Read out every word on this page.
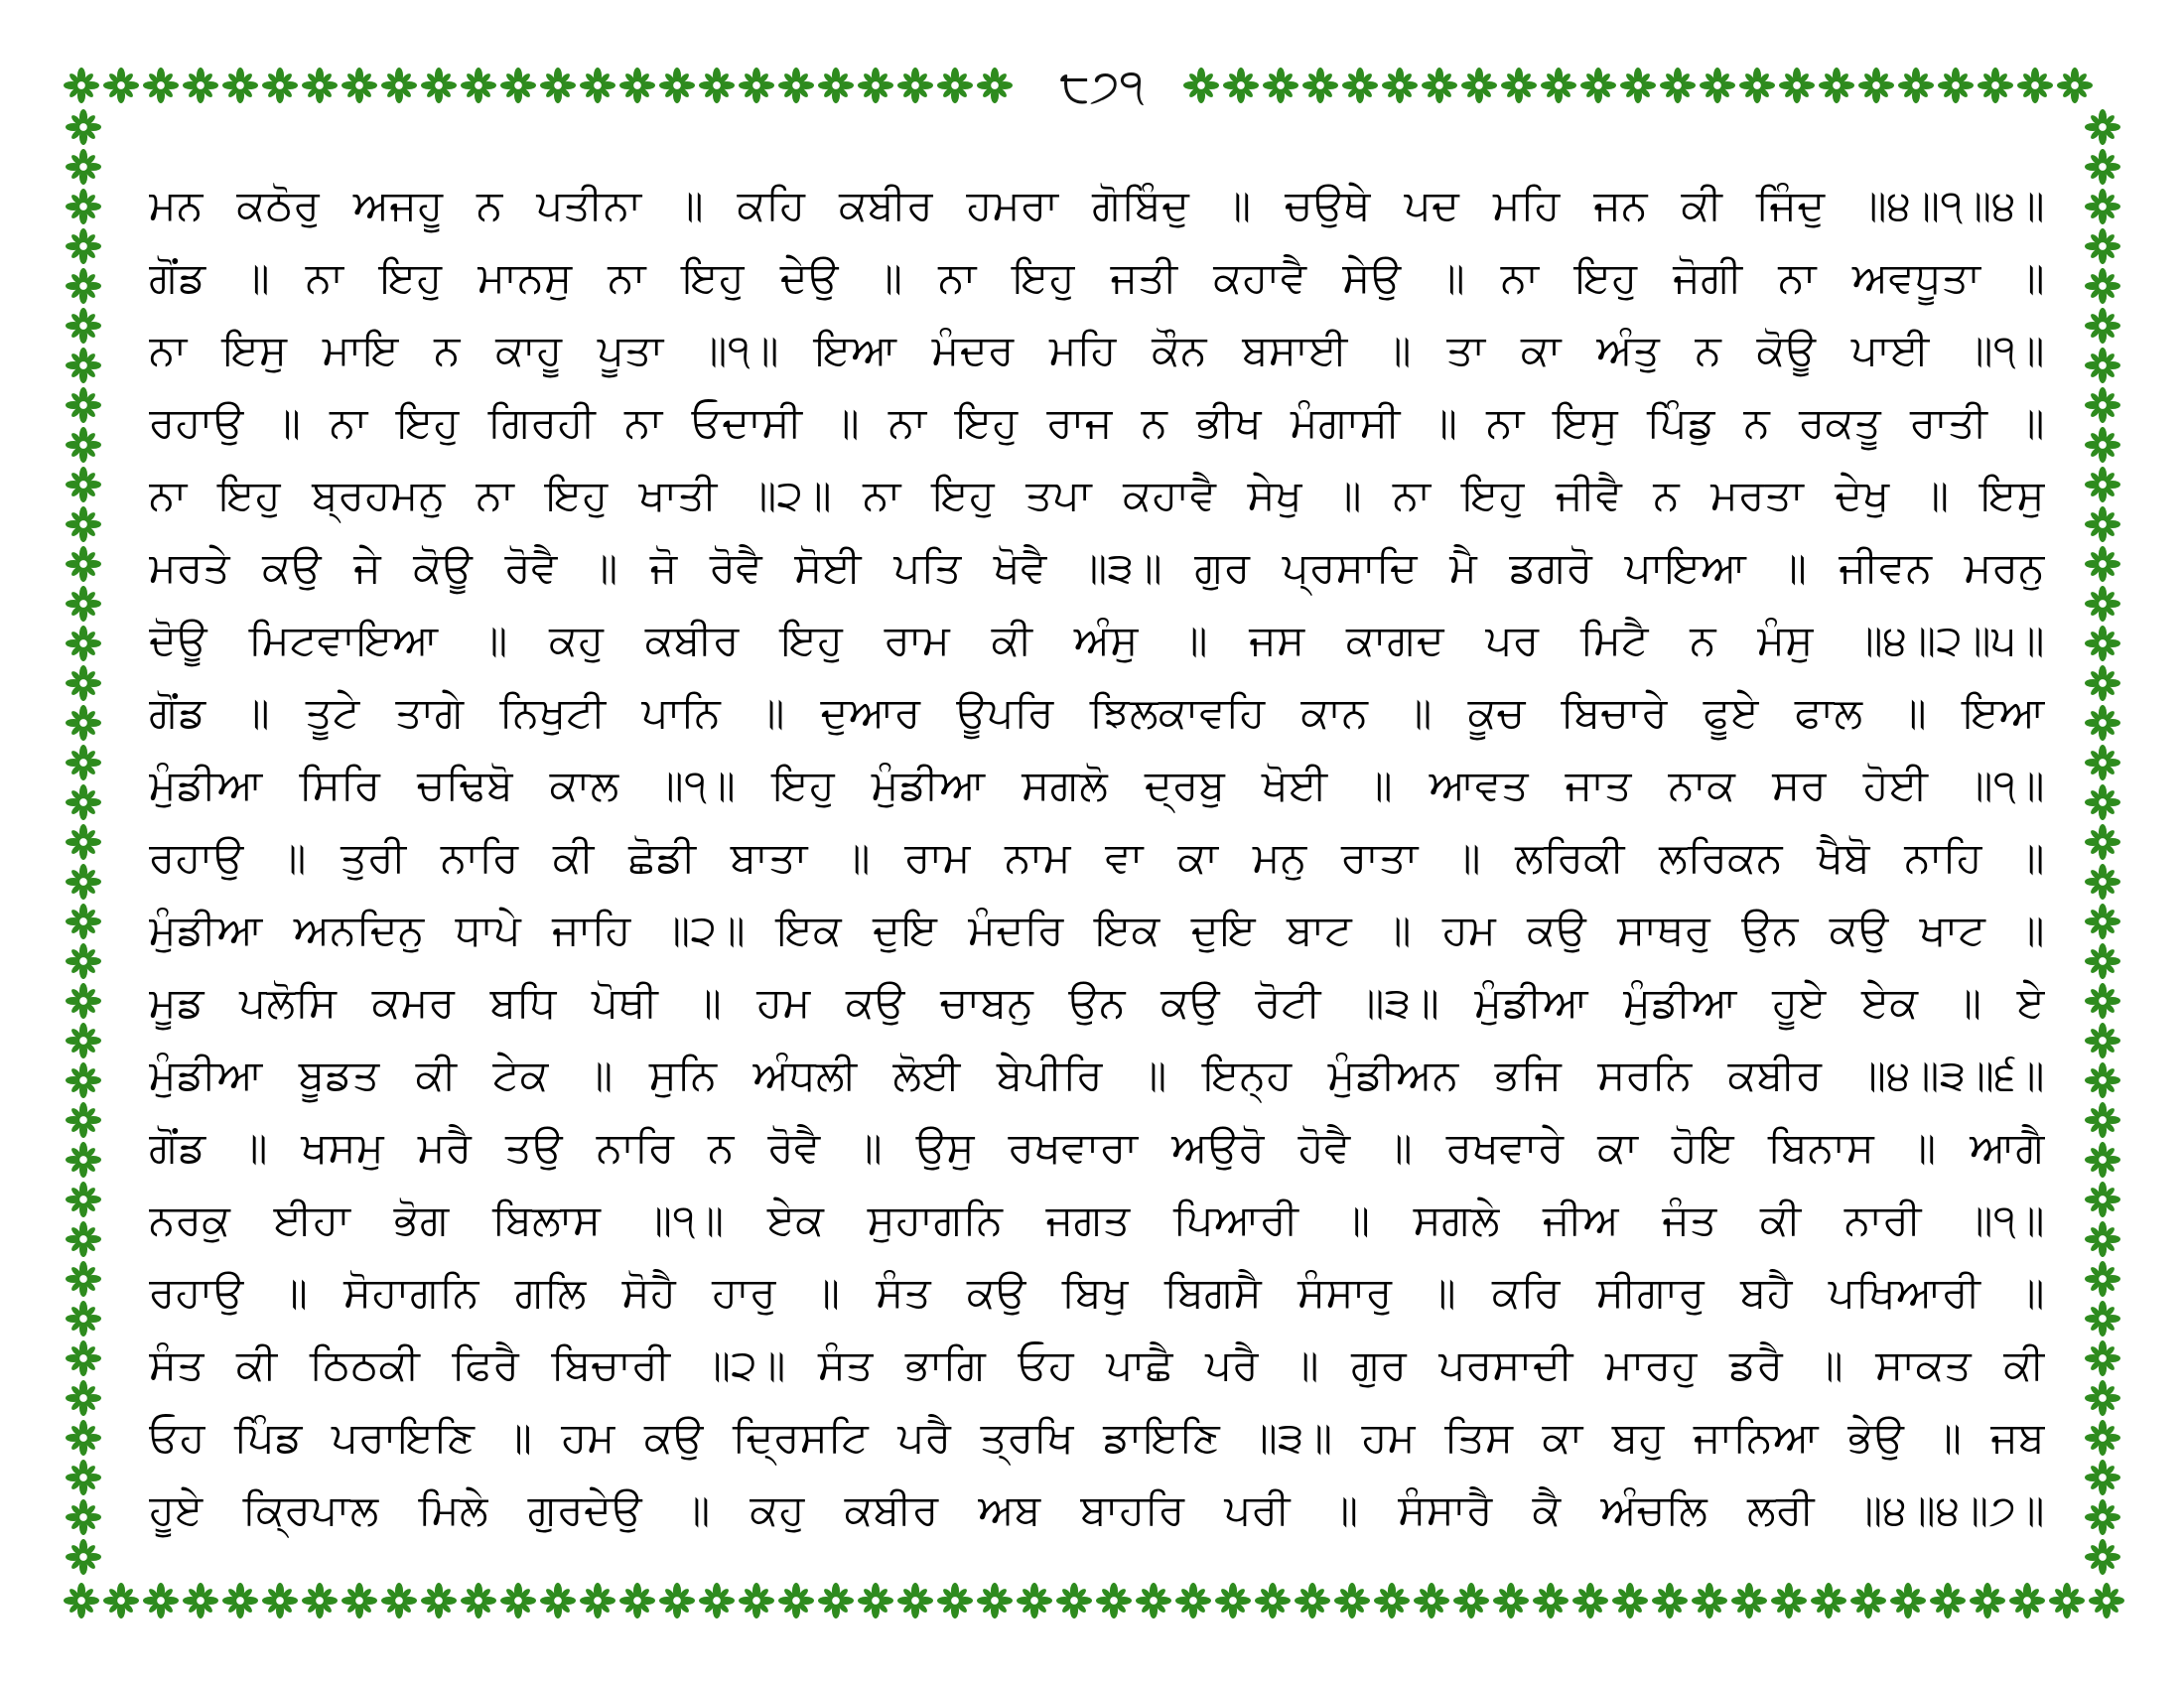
੮੭੧
ਮਨ ਕਠੋਰੁ ਅਜਹੂ ਨ ਪਤੀਨਾ ॥ ਕਹਿ ਕਬੀਰ ਹਮਰਾ ਗੋਬਿੰਦੁ ॥ ਚਉਥੇ ਪਦ ਮਹਿ ਜਨ ਕੀ ਜਿੰਦੁ ॥੪॥੧॥੪॥
ਗੋਂਡ ॥ ਨਾ ਇਹੁ ਮਾਨਸੁ ਨਾ ਇਹੁ ਦੇਉ ॥ ਨਾ ਇਹੁ ਜਤੀ ਕਹਾਵੈ ਸੇਉ ॥ ਨਾ ਇਹੁ ਜੋਗੀ ਨਾ ਅਵਧੂਤਾ ॥
ਨਾ ਇਸੁ ਮਾਇ ਨ ਕਾਹੂ ਪੂਤਾ ॥੧॥ ਇਆ ਮੰਦਰ ਮਹਿ ਕੌਨ ਬਸਾਈ ॥ ਤਾ ਕਾ ਅੰਤੁ ਨ ਕੋਊ ਪਾਈ ॥੧॥
ਰਹਾਉ ॥ ਨਾ ਇਹੁ ਗਿਰਹੀ ਨਾ ਓਦਾਸੀ ॥ ਨਾ ਇਹੁ ਰਾਜ ਨ ਭੀਖ ਮੰਗਾਸੀ ॥ ਨਾ ਇਸੁ ਪਿੰਡੁ ਨ ਰਕਤੂ ਰਾਤੀ ॥
ਨਾ ਇਹੁ ਬ੍ਰਹਮਨੁ ਨਾ ਇਹੁ ਖਾਤੀ ॥੨॥ ਨਾ ਇਹੁ ਤਪਾ ਕਹਾਵੈ ਸੇਖੁ ॥ ਨਾ ਇਹੁ ਜੀਵੈ ਨ ਮਰਤਾ ਦੇਖੁ ॥ ਇਸੁ
ਮਰਤੇ ਕਉ ਜੇ ਕੋਊ ਰੋਵੈ ॥ ਜੋ ਰੋਵੈ ਸੋਈ ਪਤਿ ਖੋਵੈ ॥੩॥ ਗੁਰ ਪ੍ਰਸਾਦਿ ਮੈ ਡਗਰੋ ਪਾਇਆ ॥ ਜੀਵਨ ਮਰਨੁ
ਦੋਊ ਮਿਟਵਾਇਆ ॥ ਕਹੁ ਕਬੀਰ ਇਹੁ ਰਾਮ ਕੀ ਅੰਸੁ ॥ ਜਸ ਕਾਗਦ ਪਰ ਮਿਟੈ ਨ ਮੰਸੁ ॥੪॥੨॥੫॥
ਗੋਂਡ ॥ ਤੂਟੇ ਤਾਗੇ ਨਿਖੁਟੀ ਪਾਨਿ ॥ ਦੁਆਰ ਊਪਰਿ ਝਿਲਕਾਵਹਿ ਕਾਨ ॥ ਕੂਚ ਬਿਚਾਰੇ ਫੂਏ ਫਾਲ ॥ ਇਆ
ਮੁੰਡੀਆ ਸਿਰਿ ਚਢਿਬੋ ਕਾਲ ॥੧॥ ਇਹੁ ਮੁੰਡੀਆ ਸਗਲੋ ਦ੍ਰਬੁ ਖੋਈ ॥ ਆਵਤ ਜਾਤ ਨਾਕ ਸਰ ਹੋਈ ॥੧॥
ਰਹਾਉ ॥ ਤੁਰੀ ਨਾਰਿ ਕੀ ਛੋਡੀ ਬਾਤਾ ॥ ਰਾਮ ਨਾਮ ਵਾ ਕਾ ਮਨੁ ਰਾਤਾ ॥ ਲਰਿਕੀ ਲਰਿਕਨ ਖੈਬੋ ਨਾਹਿ ॥
ਮੁੰਡੀਆ ਅਨਦਿਨੁ ਧਾਪੇ ਜਾਹਿ ॥੨॥ ਇਕ ਦੁਇ ਮੰਦਰਿ ਇਕ ਦੁਇ ਬਾਟ ॥ ਹਮ ਕਉ ਸਾਥਰੁ ਉਨ ਕਉ ਖਾਟ ॥
ਮੂਡ ਪਲੋਸਿ ਕਮਰ ਬਧਿ ਪੋਥੀ ॥ ਹਮ ਕਉ ਚਾਬਨੁ ਉਨ ਕਉ ਰੋਟੀ ॥੩॥ ਮੁੰਡੀਆ ਮੁੰਡੀਆ ਹੂਏ ਏਕ ॥ ਏ
ਮੁੰਡੀਆ ਬੂਡਤ ਕੀ ਟੇਕ ॥ ਸੁਨਿ ਅੰਧਲੀ ਲੋਈ ਬੇਪੀਰਿ ॥ ਇਨ੍ਹ ਮੁੰਡੀਅਨ ਭਜਿ ਸਰਨਿ ਕਬੀਰ ॥੪॥੩॥੬॥
ਗੋਂਡ ॥ ਖਸਮੁ ਮਰੈ ਤਉ ਨਾਰਿ ਨ ਰੋਵੈ ॥ ਉਸੁ ਰਖਵਾਰਾ ਅਉਰੋ ਹੋਵੈ ॥ ਰਖਵਾਰੇ ਕਾ ਹੋਇ ਬਿਨਾਸ ॥ ਆਗੈ
ਨਰਕੁ ਈਹਾ ਭੋਗ ਬਿਲਾਸ ॥੧॥ ਏਕ ਸੁਹਾਗਨਿ ਜਗਤ ਪਿਆਰੀ ॥ ਸਗਲੇ ਜੀਅ ਜੰਤ ਕੀ ਨਾਰੀ ॥੧॥
ਰਹਾਉ ॥ ਸੋਹਾਗਨਿ ਗਲਿ ਸੋਹੈ ਹਾਰੁ ॥ ਸੰਤ ਕਉ ਬਿਖੁ ਬਿਗਸੈ ਸੰਸਾਰੁ ॥ ਕਰਿ ਸੀਗਾਰੁ ਬਹੈ ਪਖਿਆਰੀ ॥
ਸੰਤ ਕੀ ਠਿਠਕੀ ਫਿਰੈ ਬਿਚਾਰੀ ॥੨॥ ਸੰਤ ਭਾਗਿ ਓਹ ਪਾਛੈ ਪਰੈ ॥ ਗੁਰ ਪਰਸਾਦੀ ਮਾਰਹੁ ਡਰੈ ॥ ਸਾਕਤ ਕੀ
ਓਹ ਪਿੰਡ ਪਰਾਇਣਿ ॥ ਹਮ ਕਉ ਦ੍ਰਿਸਟਿ ਪਰੈ ਤ੍ਰਖਿ ਡਾਇਣਿ ॥੩॥ ਹਮ ਤਿਸ ਕਾ ਬਹੁ ਜਾਨਿਆ ਭੇਉ ॥ ਜਬ
ਹੂਏ ਕ੍ਰਿਪਾਲ ਮਿਲੇ ਗੁਰਦੇਉ ॥ ਕਹੁ ਕਬੀਰ ਅਬ ਬਾਹਰਿ ਪਰੀ ॥ ਸੰਸਾਰੈ ਕੈ ਅੰਚਲਿ ਲਰੀ ॥੪॥੪॥੭॥
